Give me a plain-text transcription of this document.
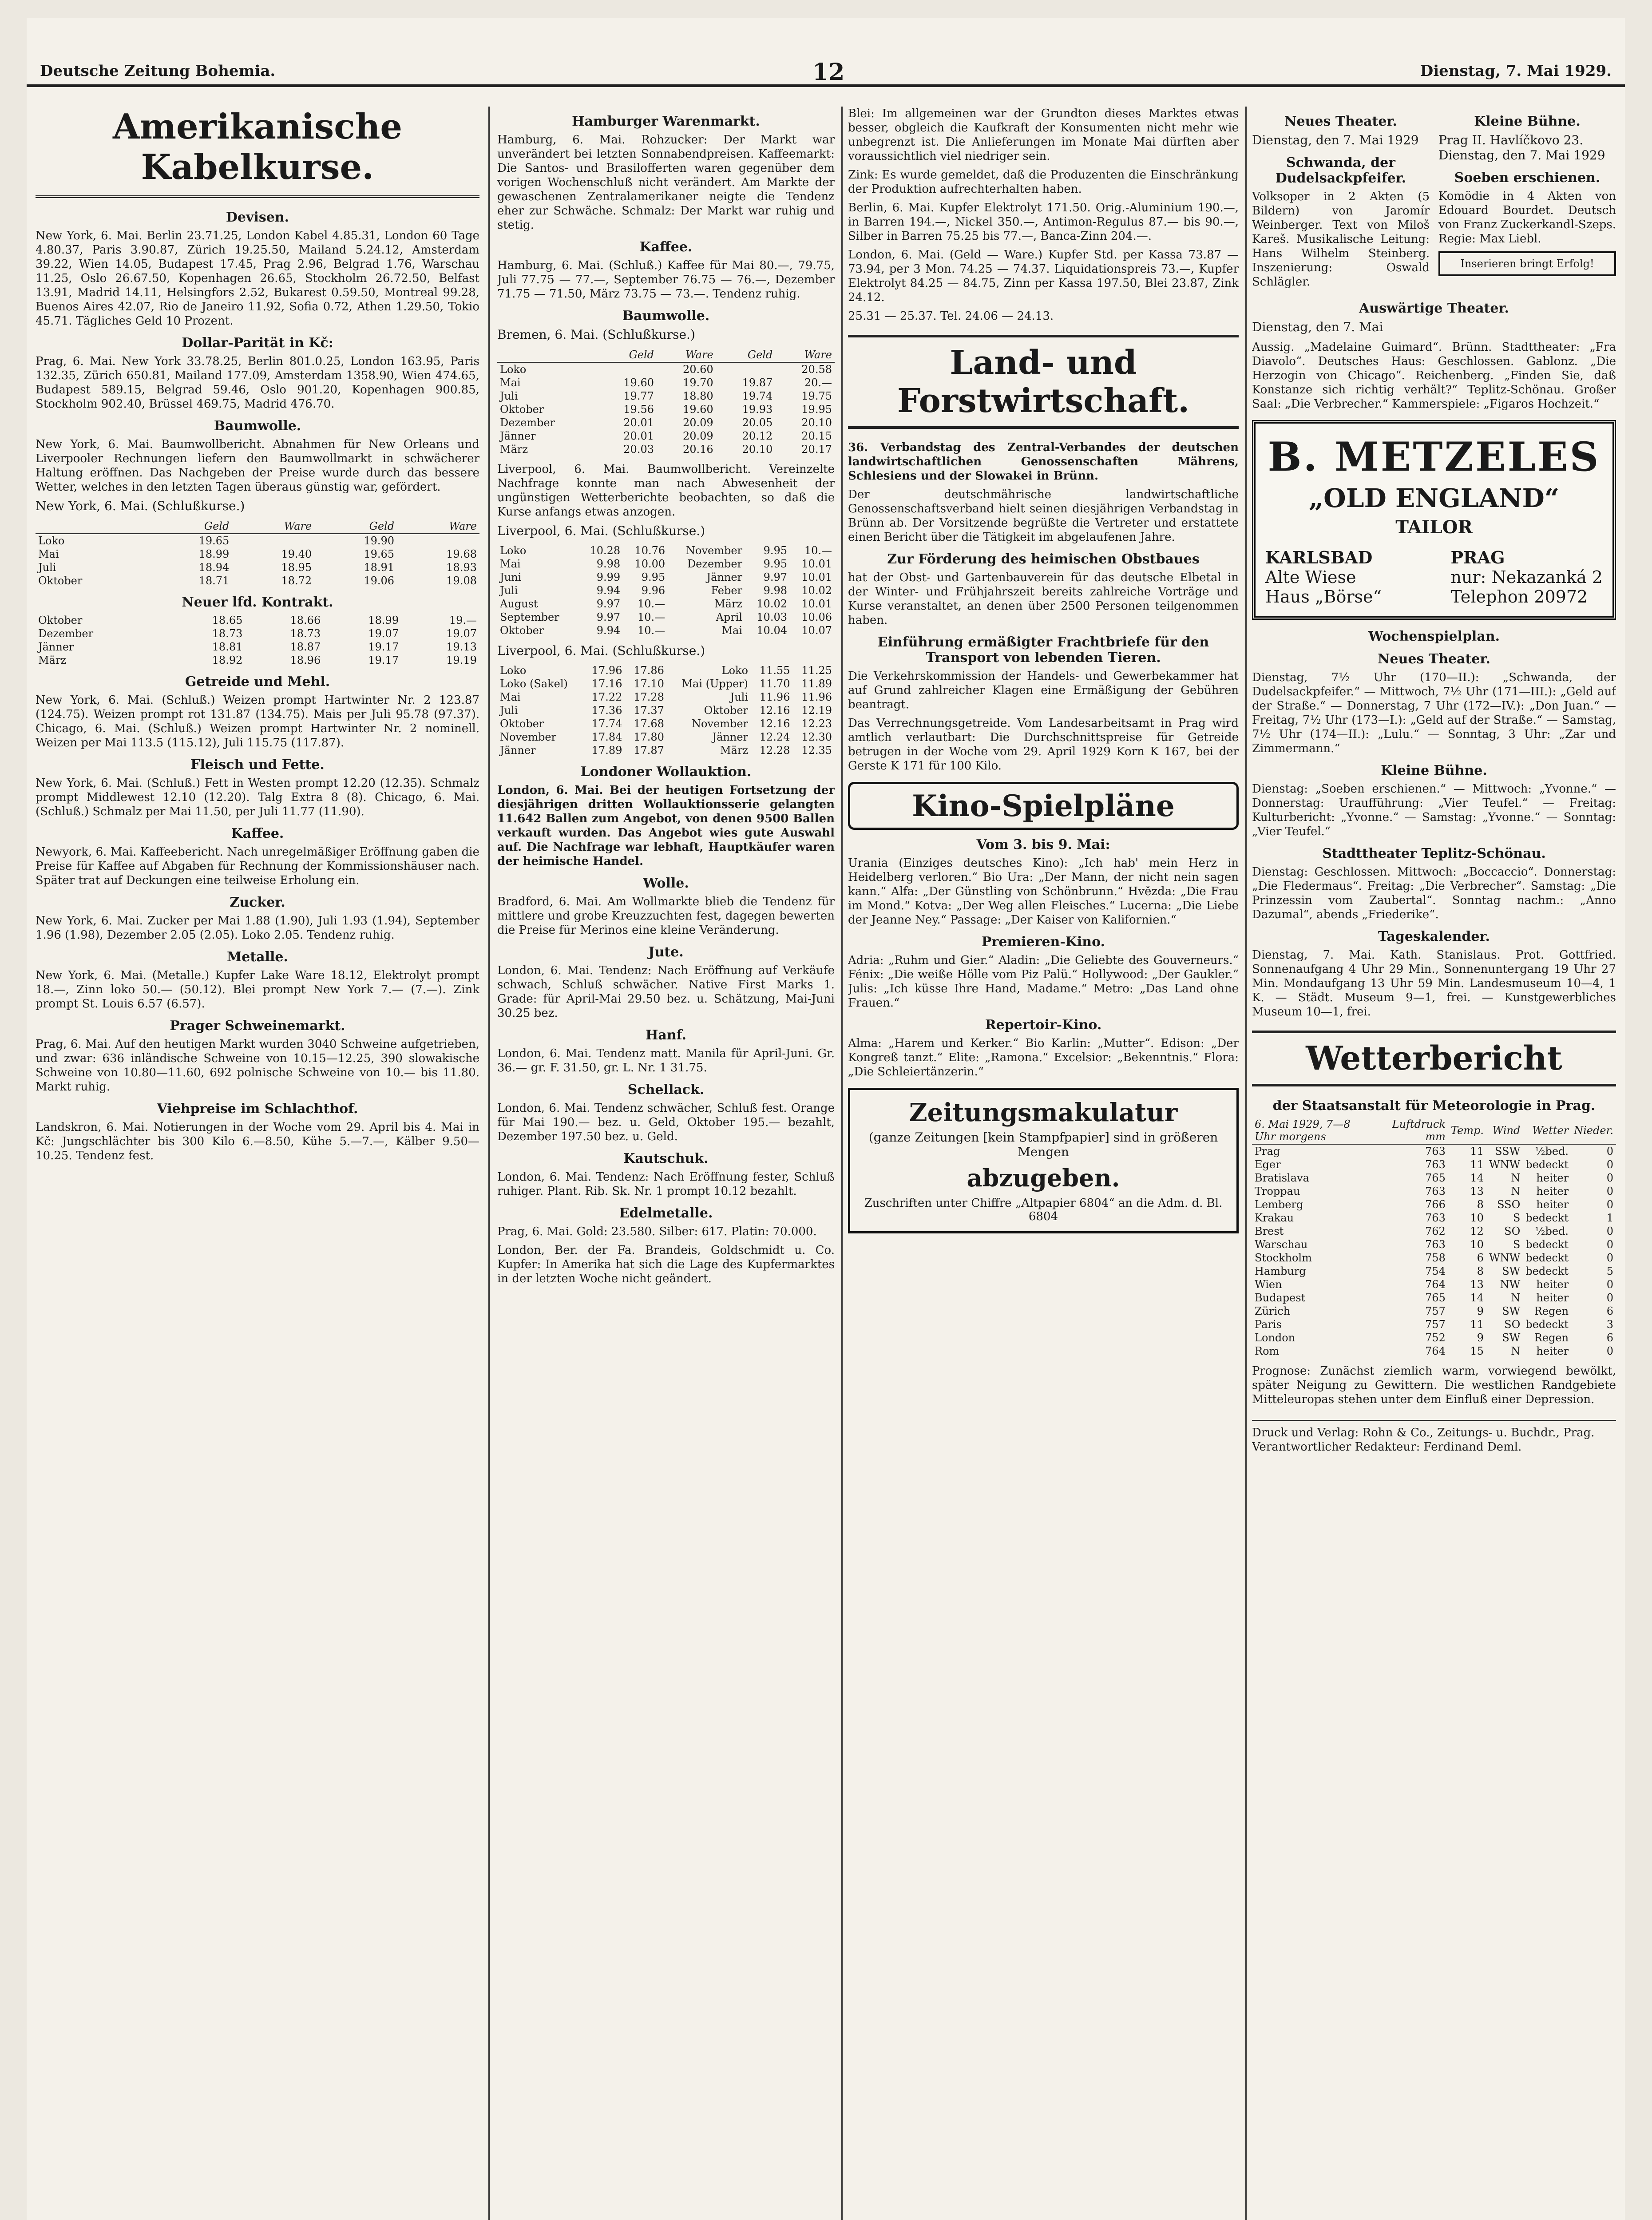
Deutsche Zeitung Bohemia.	12	Dienstag, 7. Mai 1929.
Amerikanische Kabelkurse.
Devisen.
New York, 6. Mai. Berlin 23.71.25, London Kabel 4.85.31, London 60 Tage 4.80.37, Paris 3.90.87, Zürich 19.25.50, Mailand 5.24.12, Amsterdam 39.22, Wien 14.05, Budapest 17.45, Prag 2.96, Belgrad 1.76, Warschau 11.25, Oslo 26.67.50, Kopenhagen 26.65, Stockholm 26.72.50, Belfast 13.91, Madrid 14.11, Helsingfors 2.52, Bukarest 0.59.50, Montreal 99.28, Buenos Aires 42.07, Rio de Janeiro 11.92, Sofia 0.72, Athen 1.29.50, Tokio 45.71. Tägliches Geld 10 Prozent.
Dollar-Parität in Kč:
Prag, 6. Mai. New York 33.78.25, Berlin 801.0.25, London 163.95, Paris 132.35, Zürich 650.81, Mailand 177.09, Amsterdam 1358.90, Wien 474.65, Budapest 589.15, Belgrad 59.46, Oslo 901.20, Kopenhagen 900.85, Stockholm 902.40, Brüssel 469.75, Madrid 476.70.
Baumwolle.
New York, 6. Mai. Baumwollbericht. Abnahmen für New Orleans und Liverpooler Rechnungen liefern den Baumwollmarkt in schwächerer Haltung eröffnen. Das Nachgeben der Preise wurde durch das bessere Wetter, welches in den letzten Tagen überaus günstig war, gefördert.
New York, 6. Mai. (Schlußkurse.)
	Geld	Ware	Geld	Ware
Loko	19.65		19.90	
Mai	18.99	19.40	19.65	19.68
Juli	18.94	18.95	18.91	18.93
Oktober	18.71	18.72	19.06	19.08
Neuer lfd. Kontrakt.
Oktober	18.65	18.66	18.99	19.—
Dezember	18.73	18.73	19.07	19.07
Jänner	18.81	18.87	19.17	19.13
März	18.92	18.96	19.17	19.19
Getreide und Mehl.
New York, 6. Mai. (Schluß.) Weizen prompt Hartwinter Nr. 2 123.87 (124.75). Weizen prompt rot 131.87 (134.75). Mais per Juli 95.78 (97.37). Chicago, 6. Mai. (Schluß.) Weizen prompt Hartwinter Nr. 2 nominell. Weizen per Mai 113.5 (115.12), Juli 115.75 (117.87).
Fleisch und Fette.
New York, 6. Mai. (Schluß.) Fett in Westen prompt 12.20 (12.35). Schmalz prompt Middlewest 12.10 (12.20). Talg Extra 8 (8). Chicago, 6. Mai. (Schluß.) Schmalz per Mai 11.50, per Juli 11.77 (11.90).
Kaffee.
Newyork, 6. Mai. Kaffeebericht. Nach unregelmäßiger Eröffnung gaben die Preise für Kaffee auf Abgaben für Rechnung der Kommissionshäuser nach. Später trat auf Deckungen eine teilweise Erholung ein.
Zucker.
New York, 6. Mai. Zucker per Mai 1.88 (1.90), Juli 1.93 (1.94), September 1.96 (1.98), Dezember 2.05 (2.05). Loko 2.05. Tendenz ruhig.
Metalle.
New York, 6. Mai. (Metalle.) Kupfer Lake Ware 18.12, Elektrolyt prompt 18.—, Zinn loko 50.— (50.12). Blei prompt New York 7.— (7.—). Zink prompt St. Louis 6.57 (6.57).
Prager Schweinemarkt.
Prag, 6. Mai. Auf den heutigen Markt wurden 3040 Schweine aufgetrieben, und zwar: 636 inländische Schweine von 10.15—12.25, 390 slowakische Schweine von 10.80—11.60, 692 polnische Schweine von 10.— bis 11.80. Markt ruhig.
Viehpreise im Schlachthof.
Landskron, 6. Mai. Notierungen in der Woche vom 29. April bis 4. Mai in Kč: Jungschlächter bis 300 Kilo 6.—8.50, Kühe 5.—7.—, Kälber 9.50—10.25. Tendenz fest.
Hamburger Warenmarkt.
Hamburg, 6. Mai. Rohzucker: Der Markt war unverändert bei letzten Sonnabendpreisen. Kaffeemarkt: Die Santos- und Brasilofferten waren gegenüber dem vorigen Wochenschluß nicht verändert. Am Markte der gewaschenen Zentralamerikaner neigte die Tendenz eher zur Schwäche. Schmalz: Der Markt war ruhig und stetig.
Kaffee.
Hamburg, 6. Mai. (Schluß.) Kaffee für Mai 80.—, 79.75, Juli 77.75 — 77.—, September 76.75 — 76.—, Dezember 71.75 — 71.50, März 73.75 — 73.—. Tendenz ruhig.
Baumwolle.
Bremen, 6. Mai. (Schlußkurse.)
	Geld	Ware	Geld	Ware
Loko		20.60		20.58
Mai	19.60	19.70	19.87	20.—
Juli	19.77	18.80	19.74	19.75
Oktober	19.56	19.60	19.93	19.95
Dezember	20.01	20.09	20.05	20.10
Jänner	20.01	20.09	20.12	20.15
März	20.03	20.16	20.10	20.17
Liverpool, 6. Mai. Baumwollbericht. Vereinzelte Nachfrage konnte man nach Abwesenheit der ungünstigen Wetterberichte beobachten, so daß die Kurse anfangs etwas anzogen.
Liverpool, 6. Mai. (Schlußkurse.)
Loko	10.28	10.76	November	9.95	10.—
Mai	9.98	10.00	Dezember	9.95	10.01
Juni	9.99	9.95	Jänner	9.97	10.01
Juli	9.94	9.96	Feber	9.98	10.02
August	9.97	10.—	März	10.02	10.01
September	9.97	10.—	April	10.03	10.06
Oktober	9.94	10.—	Mai	10.04	10.07
Liverpool, 6. Mai. (Schlußkurse.)
Loko	17.96	17.86	Loko	11.55	11.25
Loko (Sakel)	17.16	17.10	Mai (Upper)	11.70	11.89
Mai	17.22	17.28	Juli	11.96	11.96
Juli	17.36	17.37	Oktober	12.16	12.19
Oktober	17.74	17.68	November	12.16	12.23
November	17.84	17.80	Jänner	12.24	12.30
Jänner	17.89	17.87	März	12.28	12.35
Londoner Wollauktion.
London, 6. Mai. Bei der heutigen Fortsetzung der diesjährigen dritten Wollauktionsserie gelangten 11.642 Ballen zum Angebot, von denen 9500 Ballen verkauft wurden. Das Angebot wies gute Auswahl auf. Die Nachfrage war lebhaft, Hauptkäufer waren der heimische Handel.
Wolle.
Bradford, 6. Mai. Am Wollmarkte blieb die Tendenz für mittlere und grobe Kreuzzuchten fest, dagegen bewerten die Preise für Merinos eine kleine Veränderung.
Jute.
London, 6. Mai. Tendenz: Nach Eröffnung auf Verkäufe schwach, Schluß schwächer. Native First Marks 1. Grade: für April-Mai 29.50 bez. u. Schätzung, Mai-Juni 30.25 bez.
Hanf.
London, 6. Mai. Tendenz matt. Manila für April-Juni. Gr. 36.— gr. F. 31.50, gr. L. Nr. 1 31.75.
Schellack.
London, 6. Mai. Tendenz schwächer, Schluß fest. Orange für Mai 190.— bez. u. Geld, Oktober 195.— bezahlt, Dezember 197.50 bez. u. Geld.
Kautschuk.
London, 6. Mai. Tendenz: Nach Eröffnung fester, Schluß ruhiger. Plant. Rib. Sk. Nr. 1 prompt 10.12 bezahlt.
Edelmetalle.
Prag, 6. Mai. Gold: 23.580. Silber: 617. Platin: 70.000.
London, Ber. der Fa. Brandeis, Goldschmidt u. Co. Kupfer: In Amerika hat sich die Lage des Kupfermarktes in der letzten Woche nicht geändert.
Blei: Im allgemeinen war der Grundton dieses Marktes etwas besser, obgleich die Kaufkraft der Konsumenten nicht mehr wie unbegrenzt ist. Die Anlieferungen im Monate Mai dürften aber voraussichtlich viel niedriger sein.
Zink: Es wurde gemeldet, daß die Produzenten die Einschränkung der Produktion aufrechterhalten haben.
Berlin, 6. Mai. Kupfer Elektrolyt 171.50. Orig.-Aluminium 190.—, in Barren 194.—, Nickel 350.—, Antimon-Regulus 87.— bis 90.—, Silber in Barren 75.25 bis 77.—, Banca-Zinn 204.—.
London, 6. Mai. (Geld — Ware.) Kupfer Std. per Kassa 73.87 — 73.94, per 3 Mon. 74.25 — 74.37. Liquidationspreis 73.—, Kupfer Elektrolyt 84.25 — 84.75, Zinn per Kassa 197.50, Blei 23.87, Zink 24.12.
25.31 — 25.37. Tel. 24.06 — 24.13.
Land- und Forstwirtschaft.
36. Verbandstag des Zentral-Verbandes der deutschen landwirtschaftlichen Genossenschaften Mährens, Schlesiens und der Slowakei in Brünn.
Der deutschmährische landwirtschaftliche Genossenschaftsverband hielt seinen diesjährigen Verbandstag in Brünn ab. Der Vorsitzende begrüßte die Vertreter und erstattete einen Bericht über die Tätigkeit im abgelaufenen Jahre.
Zur Förderung des heimischen Obstbaues
hat der Obst- und Gartenbauverein für das deutsche Elbetal in der Winter- und Frühjahrszeit bereits zahlreiche Vorträge und Kurse veranstaltet, an denen über 2500 Personen teilgenommen haben.
Einführung ermäßigter Frachtbriefe für den Transport von lebenden Tieren.
Die Verkehrskommission der Handels- und Gewerbekammer hat auf Grund zahlreicher Klagen eine Ermäßigung der Gebühren beantragt.
Das Verrechnungsgetreide. Vom Landesarbeitsamt in Prag wird amtlich verlautbart: Die Durchschnittspreise für Getreide betrugen in der Woche vom 29. April 1929 Korn K 167, bei der Gerste K 171 für 100 Kilo.
Kino-Spielpläne
Vom 3. bis 9. Mai:
Urania (Einziges deutsches Kino): „Ich hab' mein Herz in Heidelberg verloren.“ Bio Ura: „Der Mann, der nicht nein sagen kann.“ Alfa: „Der Günstling von Schönbrunn.“ Hvězda: „Die Frau im Mond.“ Kotva: „Der Weg allen Fleisches.“ Lucerna: „Die Liebe der Jeanne Ney.“ Passage: „Der Kaiser von Kalifornien.“
Premieren-Kino.
Adria: „Ruhm und Gier.“ Aladin: „Die Geliebte des Gouverneurs.“ Fénix: „Die weiße Hölle vom Piz Palü.“ Hollywood: „Der Gaukler.“ Julis: „Ich küsse Ihre Hand, Madame.“ Metro: „Das Land ohne Frauen.“
Repertoir-Kino.
Alma: „Harem und Kerker.“ Bio Karlin: „Mutter“. Edison: „Der Kongreß tanzt.“ Elite: „Ramona.“ Excelsior: „Bekenntnis.“ Flora: „Die Schleiertänzerin.“
Zeitungsmakulatur
(ganze Zeitungen [kein Stampfpapier] sind in größeren Mengen
abzugeben.
Zuschriften unter Chiffre „Altpapier 6804“ an die Adm. d. Bl. 6804
Neues Theater.
Dienstag, den 7. Mai 1929
Schwanda, der Dudelsackpfeifer.
Volksoper in 2 Akten (5 Bildern) von Jaromír Weinberger. Text von Miloš Kareš. Musikalische Leitung: Hans Wilhelm Steinberg. Inszenierung: Oswald Schlägler.
Kleine Bühne.
Prag II. Havlíčkovo 23. Dienstag, den 7. Mai 1929
Soeben erschienen.
Komödie in 4 Akten von Edouard Bourdet. Deutsch von Franz Zuckerkandl-Szeps. Regie: Max Liebl.
Inserieren bringt Erfolg!
Auswärtige Theater.
Dienstag, den 7. Mai
Aussig. „Madelaine Guimard“. Brünn. Stadttheater: „Fra Diavolo“. Deutsches Haus: Geschlossen. Gablonz. „Die Herzogin von Chicago“. Reichenberg. „Finden Sie, daß Konstanze sich richtig verhält?“ Teplitz-Schönau. Großer Saal: „Die Verbrecher.“ Kammerspiele: „Figaros Hochzeit.“
B. METZELES
„OLD ENGLAND“
TAILOR
KARLSBAD
Alte Wiese
Haus „Börse“
PRAG
nur: Nekazanká 2
Telephon 20972
Wochenspielplan.
Neues Theater.
Dienstag, 7½ Uhr (170—II.): „Schwanda, der Dudelsackpfeifer.“ — Mittwoch, 7½ Uhr (171—III.): „Geld auf der Straße.“ — Donnerstag, 7 Uhr (172—IV.): „Don Juan.“ — Freitag, 7½ Uhr (173—I.): „Geld auf der Straße.“ — Samstag, 7½ Uhr (174—II.): „Lulu.“ — Sonntag, 3 Uhr: „Zar und Zimmermann.“
Kleine Bühne.
Dienstag: „Soeben erschienen.“ — Mittwoch: „Yvonne.“ — Donnerstag: Uraufführung: „Vier Teufel.“ — Freitag: Kulturbericht: „Yvonne.“ — Samstag: „Yvonne.“ — Sonntag: „Vier Teufel.“
Stadttheater Teplitz-Schönau.
Dienstag: Geschlossen. Mittwoch: „Boccaccio“. Donnerstag: „Die Fledermaus“. Freitag: „Die Verbrecher“. Samstag: „Die Prinzessin vom Zaubertal“. Sonntag nachm.: „Anno Dazumal“, abends „Friederike“.
Tageskalender.
Dienstag, 7. Mai. Kath. Stanislaus. Prot. Gottfried. Sonnenaufgang 4 Uhr 29 Min., Sonnenuntergang 19 Uhr 27 Min. Mondaufgang 13 Uhr 59 Min. Landesmuseum 10—4, 1 K. — Städt. Museum 9—1, frei. — Kunstgewerbliches Museum 10—1, frei.
Wetterbericht
der Staatsanstalt für Meteorologie in Prag.
6. Mai 1929, 7—8 Uhr morgens	Luftdruck mm	Temp.	Wind	Wetter	Nieder.
Prag	763	11	SSW	½bed.	0
Eger	763	11	WNW	bedeckt	0
Bratislava	765	14	N	heiter	0
Troppau	763	13	N	heiter	0
Lemberg	766	8	SSO	heiter	0
Krakau	763	10	S	bedeckt	1
Brest	762	12	SO	½bed.	0
Warschau	763	10	S	bedeckt	0
Stockholm	758	6	WNW	bedeckt	0
Hamburg	754	8	SW	bedeckt	5
Wien	764	13	NW	heiter	0
Budapest	765	14	N	heiter	0
Zürich	757	9	SW	Regen	6
Paris	757	11	SO	bedeckt	3
London	752	9	SW	Regen	6
Rom	764	15	N	heiter	0
Prognose: Zunächst ziemlich warm, vorwiegend bewölkt, später Neigung zu Gewittern. Die westlichen Randgebiete Mitteleuropas stehen unter dem Einfluß einer Depression.
Druck und Verlag: Rohn & Co., Zeitungs- u. Buchdr., Prag. Verantwortlicher Redakteur: Ferdinand Deml.
